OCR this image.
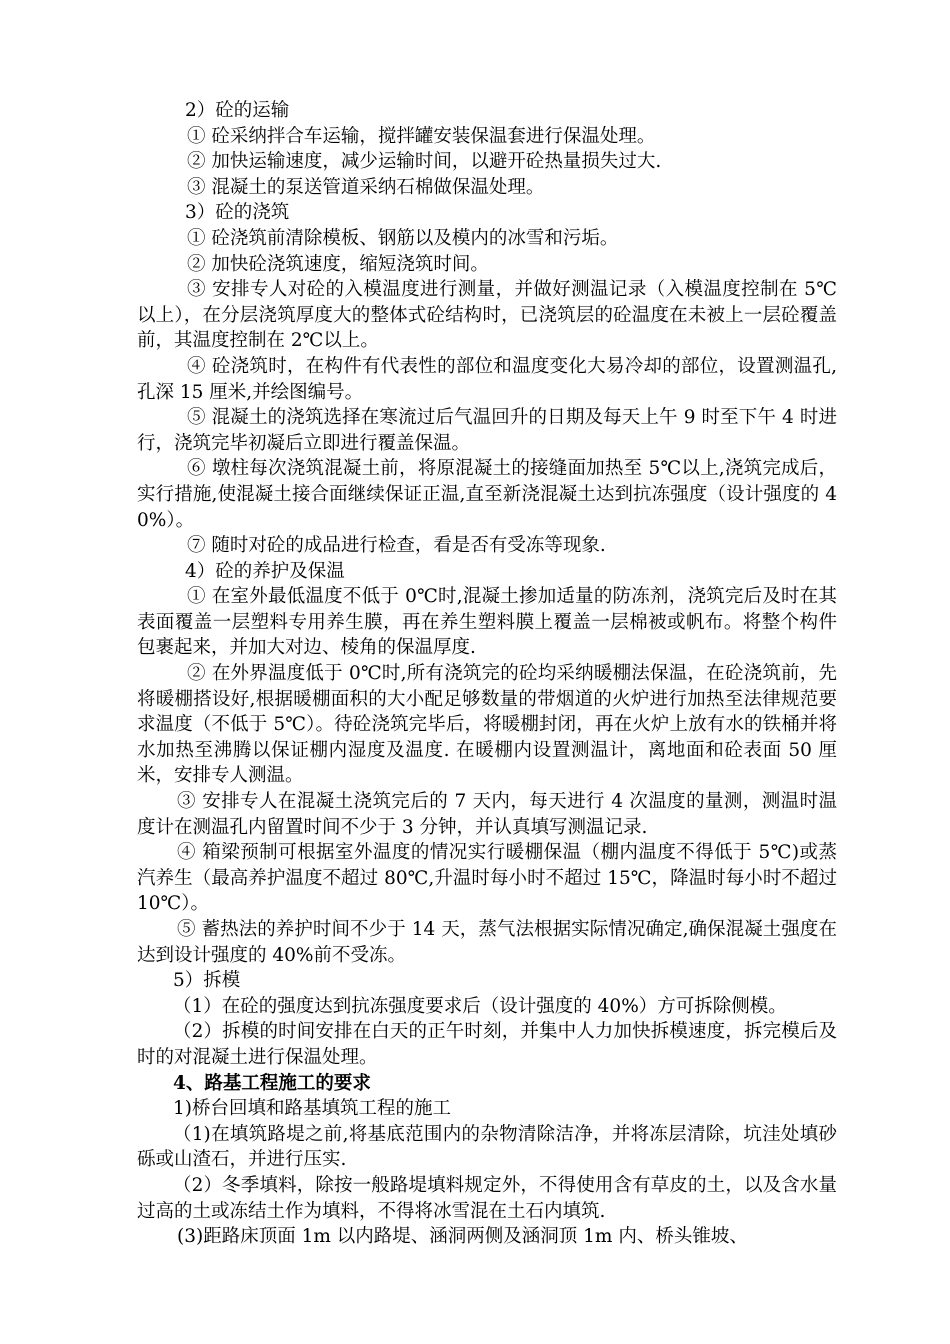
2）砼的运输

① 砼采纳拌合车运输，搅拌罐安装保温套进行保温处理。

② 加快运输速度，减少运输时间，以避开砼热量损失过大.

③ 混凝土的泵送管道采纳石棉做保温处理。

3）砼的浇筑

① 砼浇筑前清除模板、钢筋以及模内的冰雪和污垢。

② 加快砼浇筑速度，缩短浇筑时间。

③ 安排专人对砼的入模温度进行测量，并做好测温记录（入模温度控制在 5℃以上），在分层浇筑厚度大的整体式砼结构时，已浇筑层的砼温度在未被上一层砼覆盖前，其温度控制在 2℃以上。

④ 砼浇筑时，在构件有代表性的部位和温度变化大易冷却的部位，设置测温孔,孔深 15 厘米,并绘图编号。

⑤ 混凝土的浇筑选择在寒流过后气温回升的日期及每天上午 9 时至下午 4 时进行，浇筑完毕初凝后立即进行覆盖保温。

⑥ 墩柱每次浇筑混凝土前，将原混凝土的接缝面加热至 5℃以上,浇筑完成后，实行措施,使混凝土接合面继续保证正温,直至新浇混凝土达到抗冻强度（设计强度的 40%）。

⑦ 随时对砼的成品进行检查，看是否有受冻等现象.

4）砼的养护及保温

① 在室外最低温度不低于 0℃时,混凝土掺加适量的防冻剂，浇筑完后及时在其表面覆盖一层塑料专用养生膜，再在养生塑料膜上覆盖一层棉被或帆布。将整个构件包裹起来，并加大对边、棱角的保温厚度.

② 在外界温度低于 0℃时,所有浇筑完的砼均采纳暖棚法保温，在砼浇筑前，先将暖棚搭设好,根据暖棚面积的大小配足够数量的带烟道的火炉进行加热至法律规范要求温度（不低于 5℃）。待砼浇筑完毕后，将暖棚封闭，再在火炉上放有水的铁桶并将水加热至沸腾以保证棚内湿度及温度. 在暖棚内设置测温计，离地面和砼表面 50 厘米，安排专人测温。

③ 安排专人在混凝土浇筑完后的 7 天内，每天进行 4 次温度的量测，测温时温度计在测温孔内留置时间不少于 3 分钟，并认真填写测温记录.

④ 箱梁预制可根据室外温度的情况实行暖棚保温（棚内温度不得低于 5℃)或蒸汽养生（最高养护温度不超过 80℃,升温时每小时不超过 15℃，降温时每小时不超过 10℃）。

⑤ 蓄热法的养护时间不少于 14 天，蒸气法根据实际情况确定,确保混凝土强度在达到设计强度的 40%前不受冻。

5）拆模

（1）在砼的强度达到抗冻强度要求后（设计强度的 40%）方可拆除侧模。

（2）拆模的时间安排在白天的正午时刻，并集中人力加快拆模速度，拆完模后及时的对混凝土进行保温处理。

4、路基工程施工的要求

1)桥台回填和路基填筑工程的施工

（1)在填筑路堤之前,将基底范围内的杂物清除洁净，并将冻层清除，坑洼处填砂砾或山渣石，并进行压实.

（2）冬季填料，除按一般路堤填料规定外，不得使用含有草皮的土，以及含水量过高的土或冻结土作为填料，不得将冰雪混在土石内填筑.

(3)距路床顶面 1m 以内路堤、涵洞两侧及涵洞顶 1m 内、桥头锥坡、
